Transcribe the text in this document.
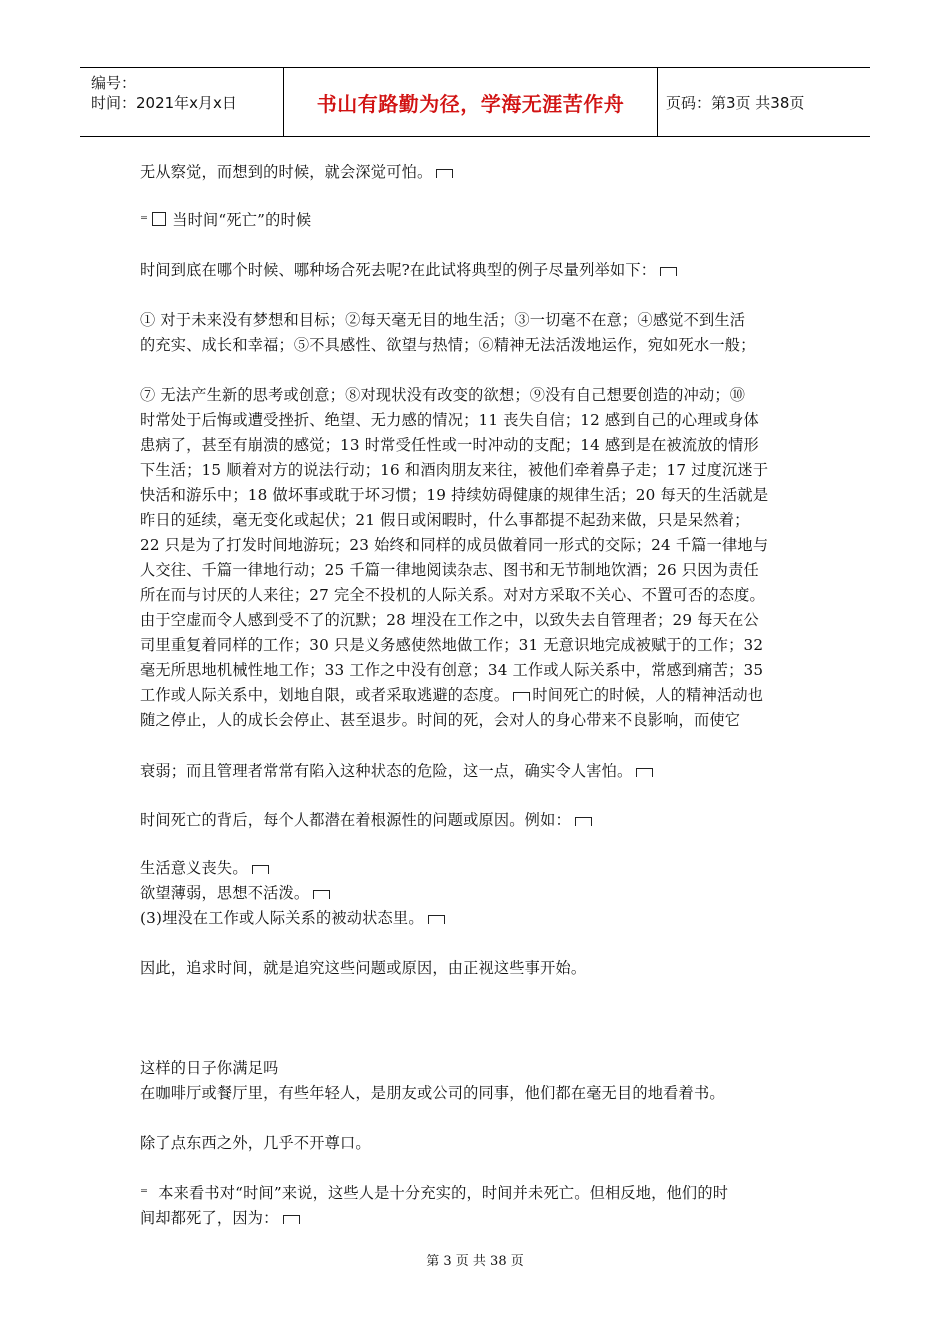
编号：
时间：2021年x月x日	书山有路勤为径，学海无涯苦作舟	页码：第3页 共38页
无从察觉，而想到的时候，就会深觉可怕。
⁼ 当时间“死亡”的时候
时间到底在哪个时候、哪种场合死去呢?在此试将典型的例子尽量列举如下：
① 对于未来没有梦想和目标；②每天毫无目的地生活；③一切毫不在意；④感觉不到生活
的充实、成长和幸福；⑤不具感性、欲望与热情；⑥精神无法活泼地运作，宛如死水一般；
⑦ 无法产生新的思考或创意；⑧对现状没有改变的欲想；⑨没有自己想要创造的冲动；⑩
时常处于后悔或遭受挫折、绝望、无力感的情况；11 丧失自信；12 感到自己的心理或身体
患病了，甚至有崩溃的感觉；13 时常受任性或一时冲动的支配；14 感到是在被流放的情形
下生活；15 顺着对方的说法行动；16 和酒肉朋友来往，被他们牵着鼻子走；17 过度沉迷于
快活和游乐中；18 做坏事或耽于坏习惯；19 持续妨碍健康的规律生活；20 每天的生活就是
昨日的延续，毫无变化或起伏；21 假日或闲暇时，什么事都提不起劲来做，只是呆然着；
22 只是为了打发时间地游玩；23 始终和同样的成员做着同一形式的交际；24 千篇一律地与
人交往、千篇一律地行动；25 千篇一律地阅读杂志、图书和无节制地饮酒；26 只因为责任
所在而与讨厌的人来往；27 完全不投机的人际关系。对对方采取不关心、不置可否的态度。
由于空虚而令人感到受不了的沉默；28 埋没在工作之中，以致失去自管理者；29 每天在公
司里重复着同样的工作；30 只是义务感使然地做工作；31 无意识地完成被赋于的工作；32
毫无所思地机械性地工作；33 工作之中没有创意；34 工作或人际关系中，常感到痛苦；35
工作或人际关系中，划地自限，或者采取逃避的态度。 时间死亡的时候，人的精神活动也
随之停止，人的成长会停止、甚至退步。时间的死，会对人的身心带来不良影响，而使它
衰弱；而且管理者常常有陷入这种状态的危险，这一点，确实令人害怕。
时间死亡的背后，每个人都潜在着根源性的问题或原因。例如：
生活意义丧失。
欲望薄弱，思想不活泼。
(3)埋没在工作或人际关系的被动状态里。
因此，追求时间，就是追究这些问题或原因，由正视这些事开始。
这样的日子你满足吗
在咖啡厅或餐厅里，有些年轻人，是朋友或公司的同事，他们都在毫无目的地看着书。
除了点东西之外，几乎不开尊口。
⁼ 本来看书对“时间”来说，这些人是十分充实的，时间并未死亡。但相反地，他们的时
间却都死了，因为：
第 3 页 共 38 页
